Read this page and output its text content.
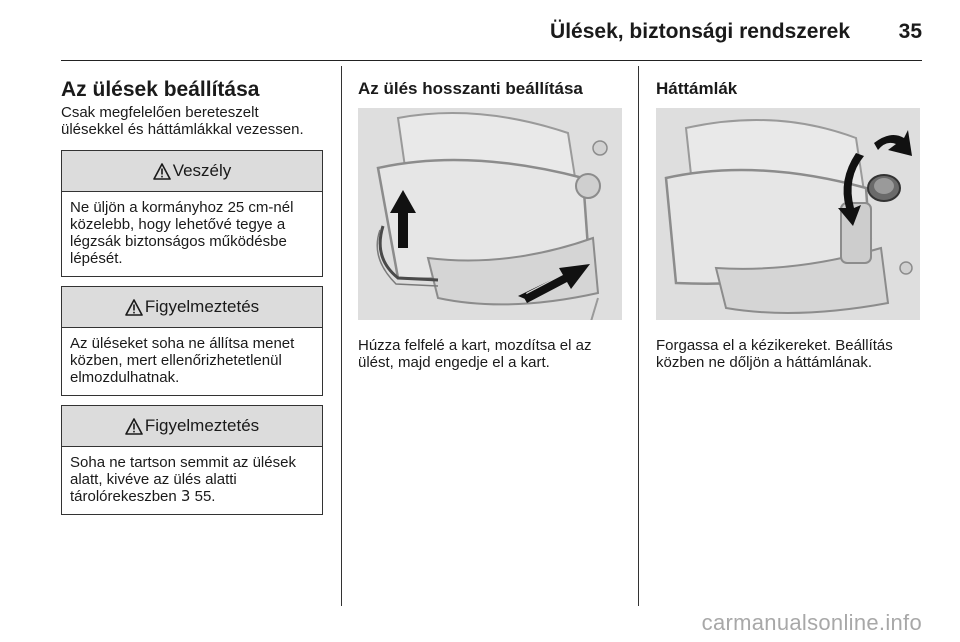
Ülések, biztonsági rendszerek 35
Az ülések beállítása

Csak megfelelően bereteszelt ülésekkel és háttámlákkal vezessen.

Veszély
Ne üljön a kormányhoz 25 cm-nél közelebb, hogy lehetővé tegye a légzsák biztonságos működésbe lépését.
Figyelmeztetés
Az üléseket soha ne állítsa menet közben, mert ellenőrizhetetlenül elmozdulhatnak.
Figyelmeztetés
Soha ne tartson semmit az ülések alatt, kivéve az ülés alatti tárolórekeszben 3 55.
Az ülés hosszanti beállítása

Húzza felfelé a kart, mozdítsa el az ülést, majd engedje el a kart.

Háttámlák

Forgassa el a kézikereket. Beállítás közben ne dőljön a háttámlának.

carmanualsonline.info
